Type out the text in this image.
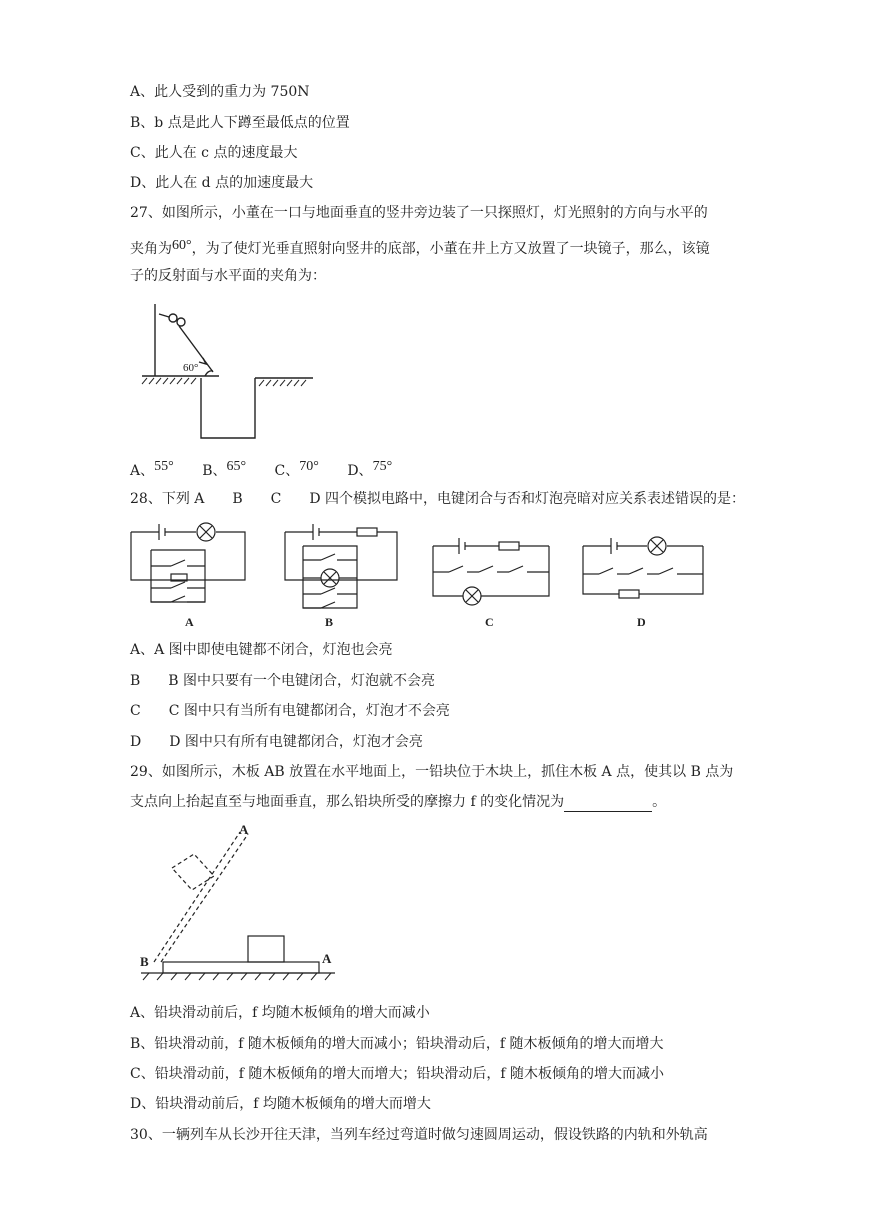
A、此人受到的重力为 750N
B、b 点是此人下蹲至最低点的位置
C、此人在 c 点的速度最大
D、此人在 d 点的加速度最大
27、如图所示，小董在一口与地面垂直的竖井旁边装了一只探照灯，灯光照射的方向与水平的
夹角为60°，为了使灯光垂直照射向竖井的底部，小董在井上方又放置了一块镜子，那么，该镜
子的反射面与水平面的夹角为：
60°
A、55° B、65° C、70° D、75°
28、下列 A　　B　　C　　D 四个模拟电路中，电键闭合与否和灯泡亮暗对应关系表述错误的是：
A	B	C	D
A、A 图中即使电键都不闭合，灯泡也会亮
B　　B 图中只要有一个电键闭合，灯泡就不会亮
C　　C 图中只有当所有电键都闭合，灯泡才不会亮
D　　D 图中只有所有电键都闭合，灯泡才会亮
29、如图所示，木板 AB 放置在水平地面上，一铅块位于木块上，抓住木板 A 点，使其以 B 点为
支点向上抬起直至与地面垂直，那么铅块所受的摩擦力 f 的变化情况为	。
A
B	A
A、铅块滑动前后，f 均随木板倾角的增大而减小
B、铅块滑动前，f 随木板倾角的增大而减小；铅块滑动后，f 随木板倾角的增大而增大
C、铅块滑动前，f 随木板倾角的增大而增大；铅块滑动后，f 随木板倾角的增大而减小
D、铅块滑动前后，f 均随木板倾角的增大而增大
30、一辆列车从长沙开往天津，当列车经过弯道时做匀速圆周运动，假设铁路的内轨和外轨高
